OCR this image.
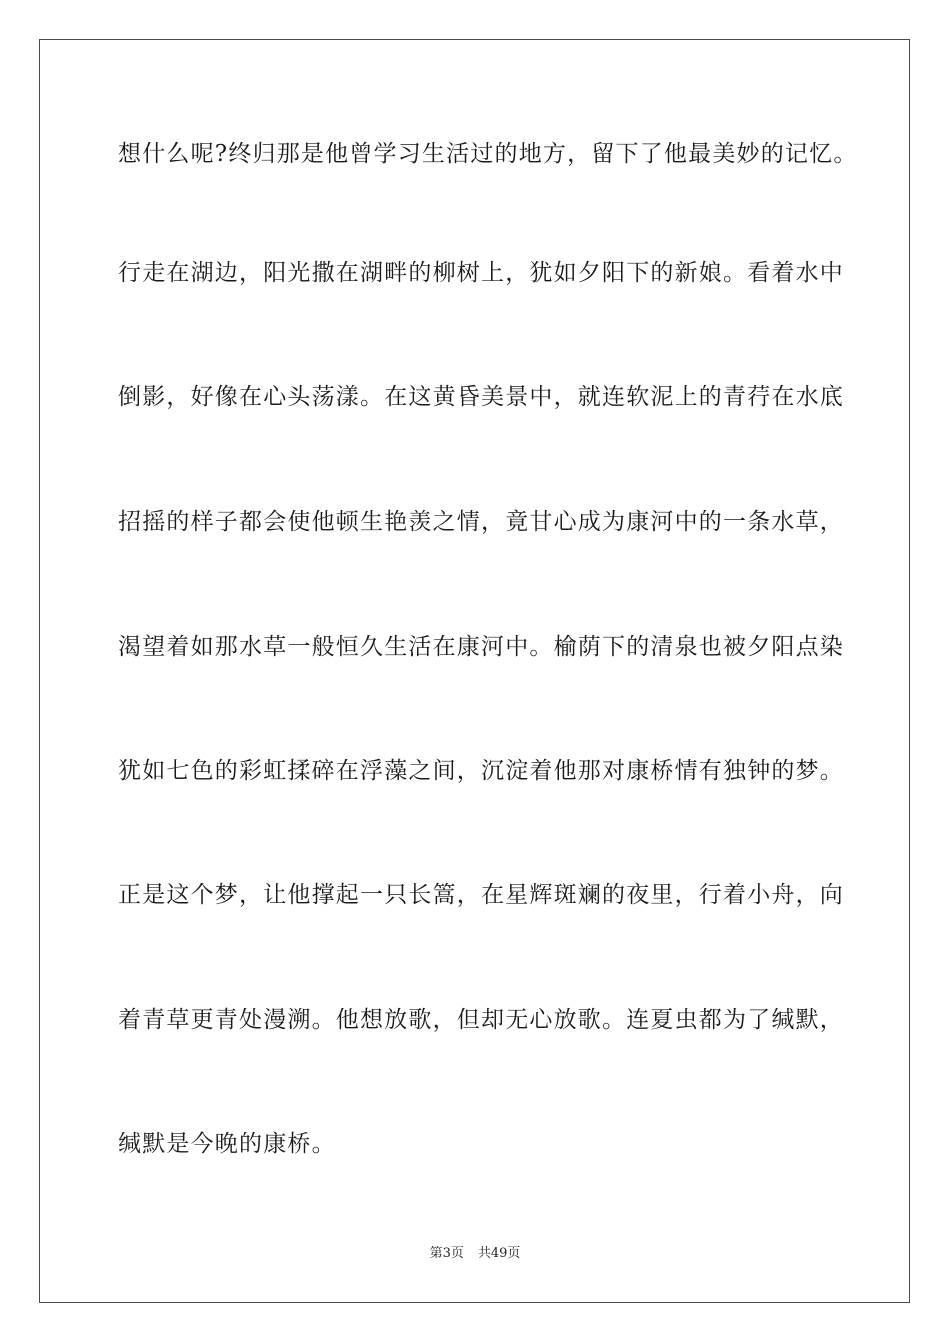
想什么呢?终归那是他曾学习生活过的地方，留下了他最美妙的记忆。
行走在湖边，阳光撒在湖畔的柳树上，犹如夕阳下的新娘。看着水中
倒影，好像在心头荡漾。在这黄昏美景中，就连软泥上的青荇在水底
招摇的样子都会使他顿生艳羡之情，竟甘心成为康河中的一条水草，
渴望着如那水草一般恒久生活在康河中。榆荫下的清泉也被夕阳点染
犹如七色的彩虹揉碎在浮藻之间，沉淀着他那对康桥情有独钟的梦。
正是这个梦，让他撑起一只长篙，在星辉斑斓的夜里，行着小舟，向
着青草更青处漫溯。他想放歌，但却无心放歌。连夏虫都为了缄默，
缄默是今晚的康桥。
第3页 共49页
